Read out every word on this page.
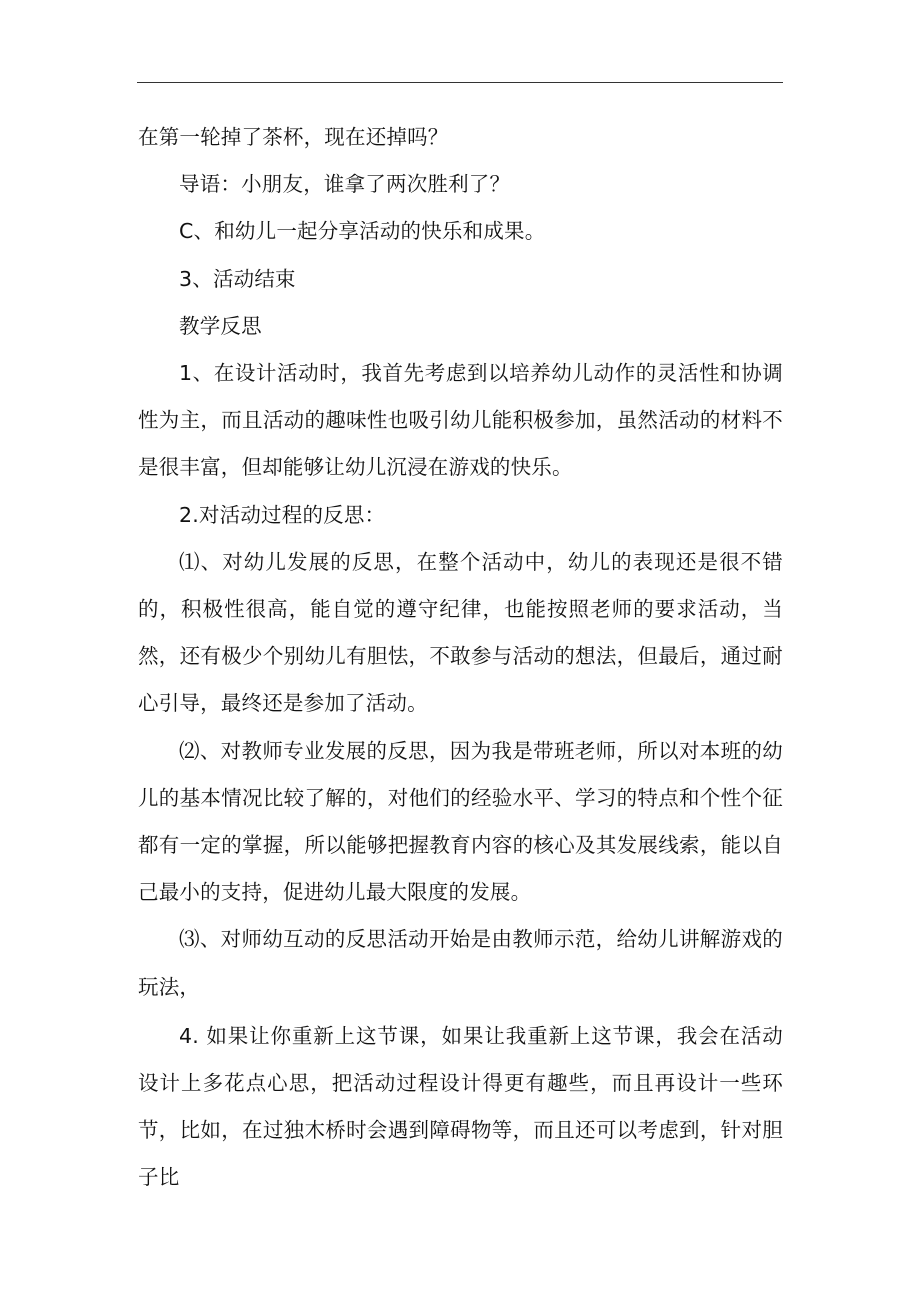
在第一轮掉了茶杯，现在还掉吗？

导语：小朋友，谁拿了两次胜利了？

C、和幼儿一起分享活动的快乐和成果。

3、活动结束

教学反思

1、在设计活动时，我首先考虑到以培养幼儿动作的灵活性和协调性为主，而且活动的趣味性也吸引幼儿能积极参加，虽然活动的材料不是很丰富，但却能够让幼儿沉浸在游戏的快乐。

2.对活动过程的反思：

⑴、对幼儿发展的反思，在整个活动中，幼儿的表现还是很不错的，积极性很高，能自觉的遵守纪律，也能按照老师的要求活动，当然，还有极少个别幼儿有胆怯，不敢参与活动的想法，但最后，通过耐心引导，最终还是参加了活动。

⑵、对教师专业发展的反思，因为我是带班老师，所以对本班的幼儿的基本情况比较了解的，对他们的经验水平、学习的特点和个性个征都有一定的掌握，所以能够把握教育内容的核心及其发展线索，能以自己最小的支持，促进幼儿最大限度的发展。

⑶、对师幼互动的反思活动开始是由教师示范，给幼儿讲解游戏的玩法，

4. 如果让你重新上这节课，如果让我重新上这节课，我会在活动设计上多花点心思，把活动过程设计得更有趣些，而且再设计一些环节，比如，在过独木桥时会遇到障碍物等，而且还可以考虑到，针对胆子比
